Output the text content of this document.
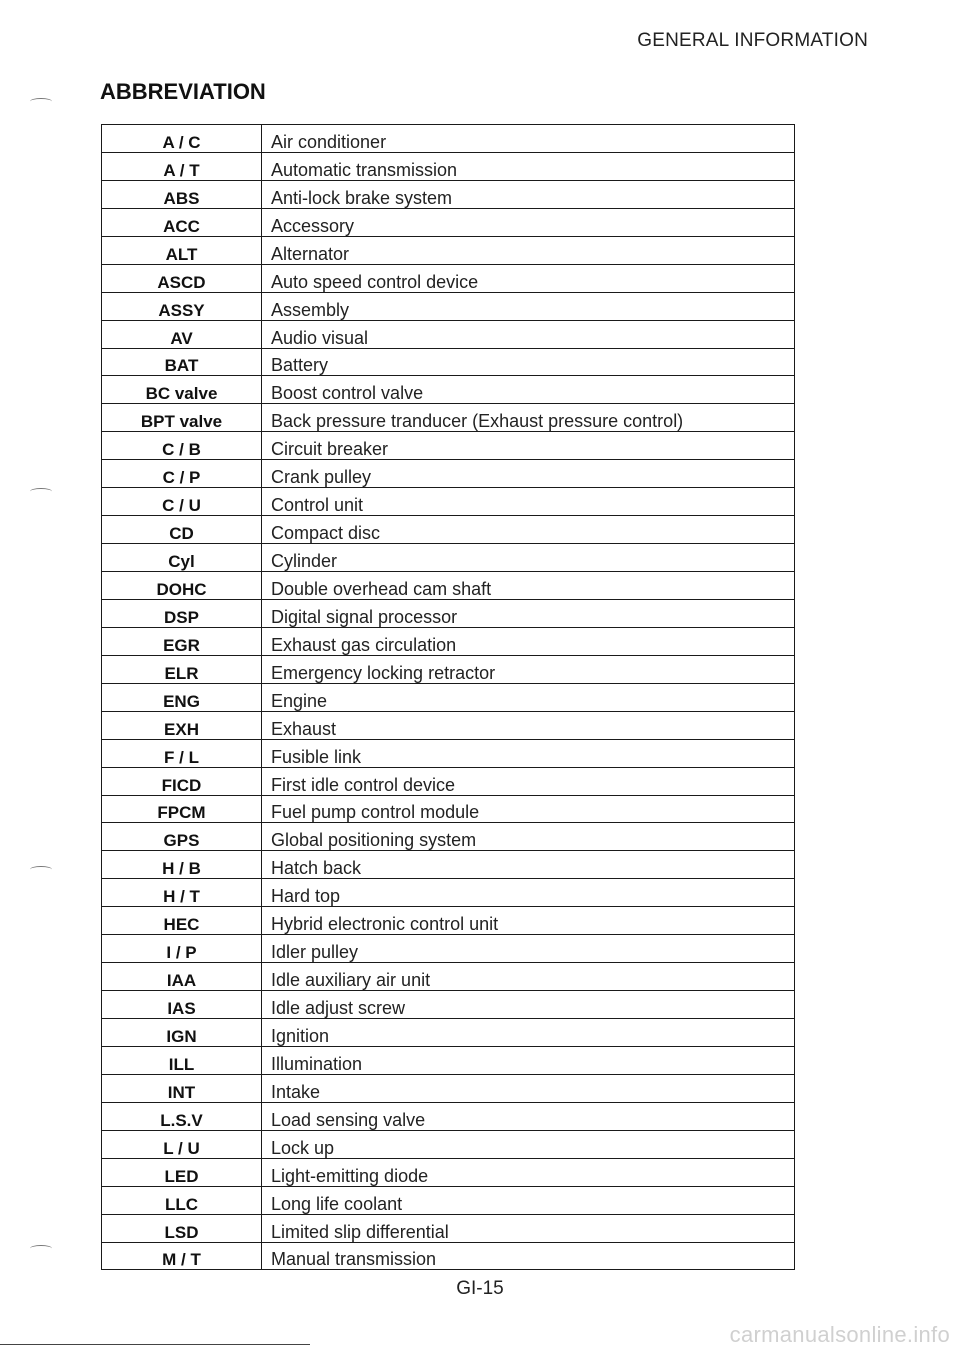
GENERAL INFORMATION
ABBREVIATION
A / C	Air conditioner
A / T	Automatic transmission
ABS	Anti-lock brake system
ACC	Accessory
ALT	Alternator
ASCD	Auto speed control device
ASSY	Assembly
AV	Audio visual
BAT	Battery
BC valve	Boost control valve
BPT valve	Back pressure tranducer (Exhaust pressure control)
C / B	Circuit breaker
C / P	Crank pulley
C / U	Control unit
CD	Compact disc
Cyl	Cylinder
DOHC	Double overhead cam shaft
DSP	Digital signal processor
EGR	Exhaust gas circulation
ELR	Emergency locking retractor
ENG	Engine
EXH	Exhaust
F / L	Fusible link
FICD	First idle control device
FPCM	Fuel pump control module
GPS	Global positioning system
H / B	Hatch back
H / T	Hard top
HEC	Hybrid electronic control unit
I / P	Idler pulley
IAA	Idle auxiliary air unit
IAS	Idle adjust screw
IGN	Ignition
ILL	Illumination
INT	Intake
L.S.V	Load sensing valve
L / U	Lock up
LED	Light-emitting diode
LLC	Long life coolant
LSD	Limited slip differential
M / T	Manual transmission
GI-15
carmanualsonline.info
